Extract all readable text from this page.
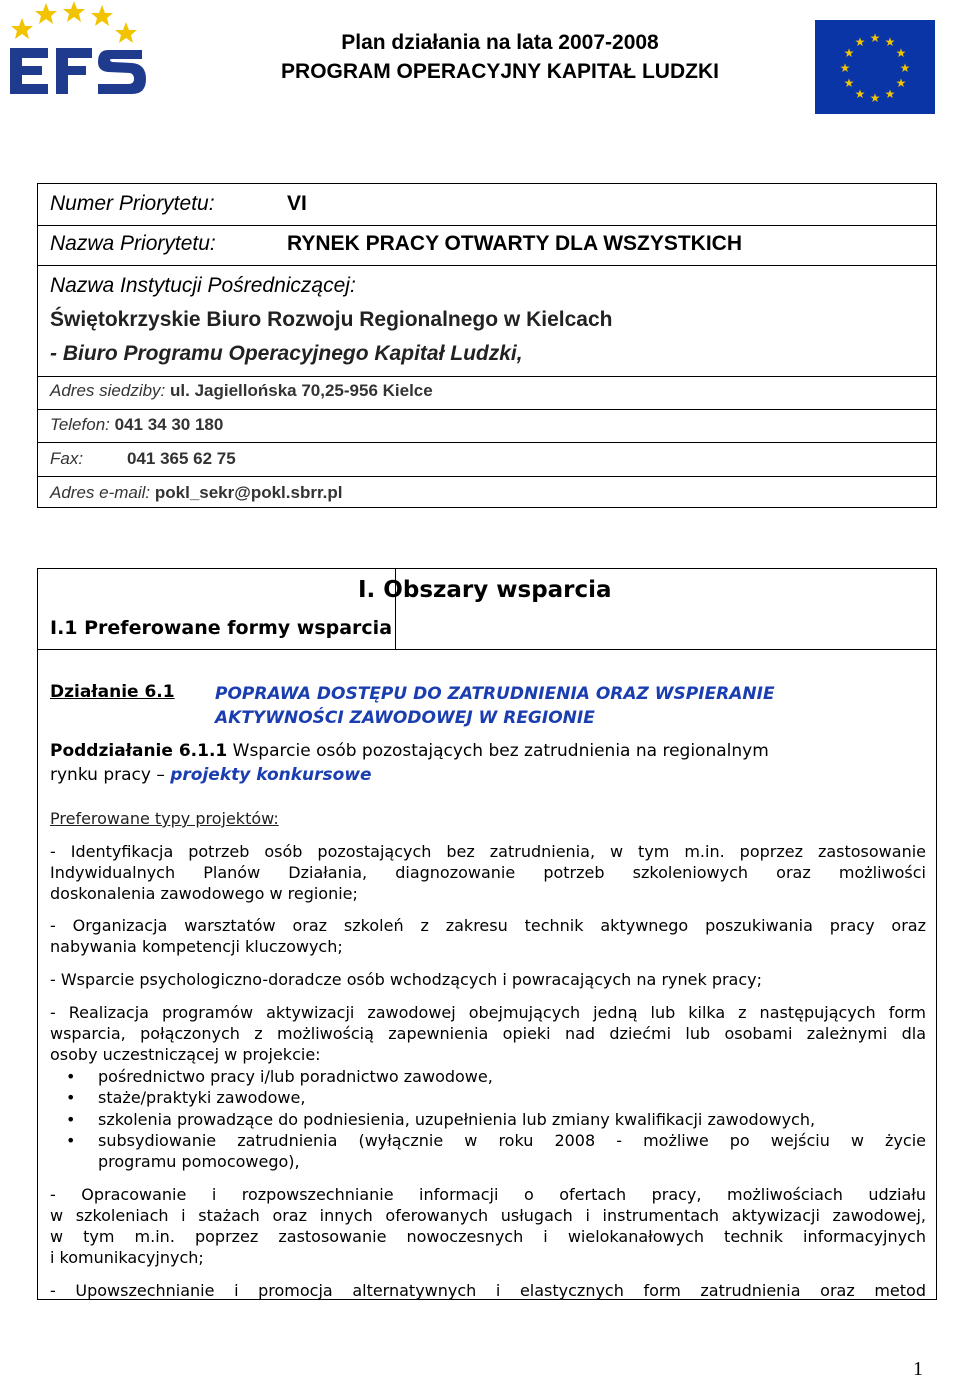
Plan działania na lata 2007-2008
PROGRAM OPERACYJNY KAPITAŁ LUDZKI
★ ★
★
★
★
★
★
★
★
★
★
★
Numer Priorytetu:	VI
Nazwa Priorytetu:	RYNEK PRACY OTWARTY DLA WSZYSTKICH
Nazwa Instytucji Pośredniczącej:
Świętokrzyskie Biuro Rozwoju Regionalnego w Kielcach
- Biuro Programu Operacyjnego Kapitał Ludzki,
Adres siedziby: ul. Jagiellońska 70,25-956 Kielce
Telefon: 041 34 30 180
Fax:	041 365 62 75
Adres e-mail: pokl_sekr@pokl.sbrr.pl
I.1 Preferowane formy wsparcia
I. Obszary wsparcia
Działanie 6.1 POPRAWA DOSTĘPU DO ZATRUDNIENIA ORAZ WSPIERANIE
AKTYWNOŚCI ZAWODOWEJ W REGIONIE
Poddziałanie 6.1.1 Wsparcie osób pozostających bez zatrudnienia na regionalnym
rynku pracy – projekty konkursowe
Preferowane typy projektów:
- Identyfikacja potrzeb osób pozostających bez zatrudnienia, w tym m.in. poprzez zastosowanie
Indywidualnych Planów Działania, diagnozowanie potrzeb szkoleniowych oraz możliwości
doskonalenia zawodowego w regionie;
- Organizacja warsztatów oraz szkoleń z zakresu technik aktywnego poszukiwania pracy oraz
nabywania kompetencji kluczowych;
- Wsparcie psychologiczno-doradcze osób wchodzących i powracających na rynek pracy;
- Realizacja programów aktywizacji zawodowej obejmujących jedną lub kilka z następujących form
wsparcia, połączonych z możliwością zapewnienia opieki nad dziećmi lub osobami zależnymi dla
osoby uczestniczącej w projekcie:
• pośrednictwo pracy i/lub poradnictwo zawodowe,
• staże/praktyki zawodowe,
• szkolenia prowadzące do podniesienia, uzupełnienia lub zmiany kwalifikacji zawodowych,
• subsydiowanie zatrudnienia (wyłącznie w roku 2008 - możliwe po wejściu w życie
programu pomocowego),
- Opracowanie i rozpowszechnianie informacji o ofertach pracy, możliwościach udziału
w szkoleniach i stażach oraz innych oferowanych usługach i instrumentach aktywizacji zawodowej,
w tym m.in. poprzez zastosowanie nowoczesnych i wielokanałowych technik informacyjnych
i komunikacyjnych;
- Upowszechnianie i promocja alternatywnych i elastycznych form zatrudnienia oraz metod
1
